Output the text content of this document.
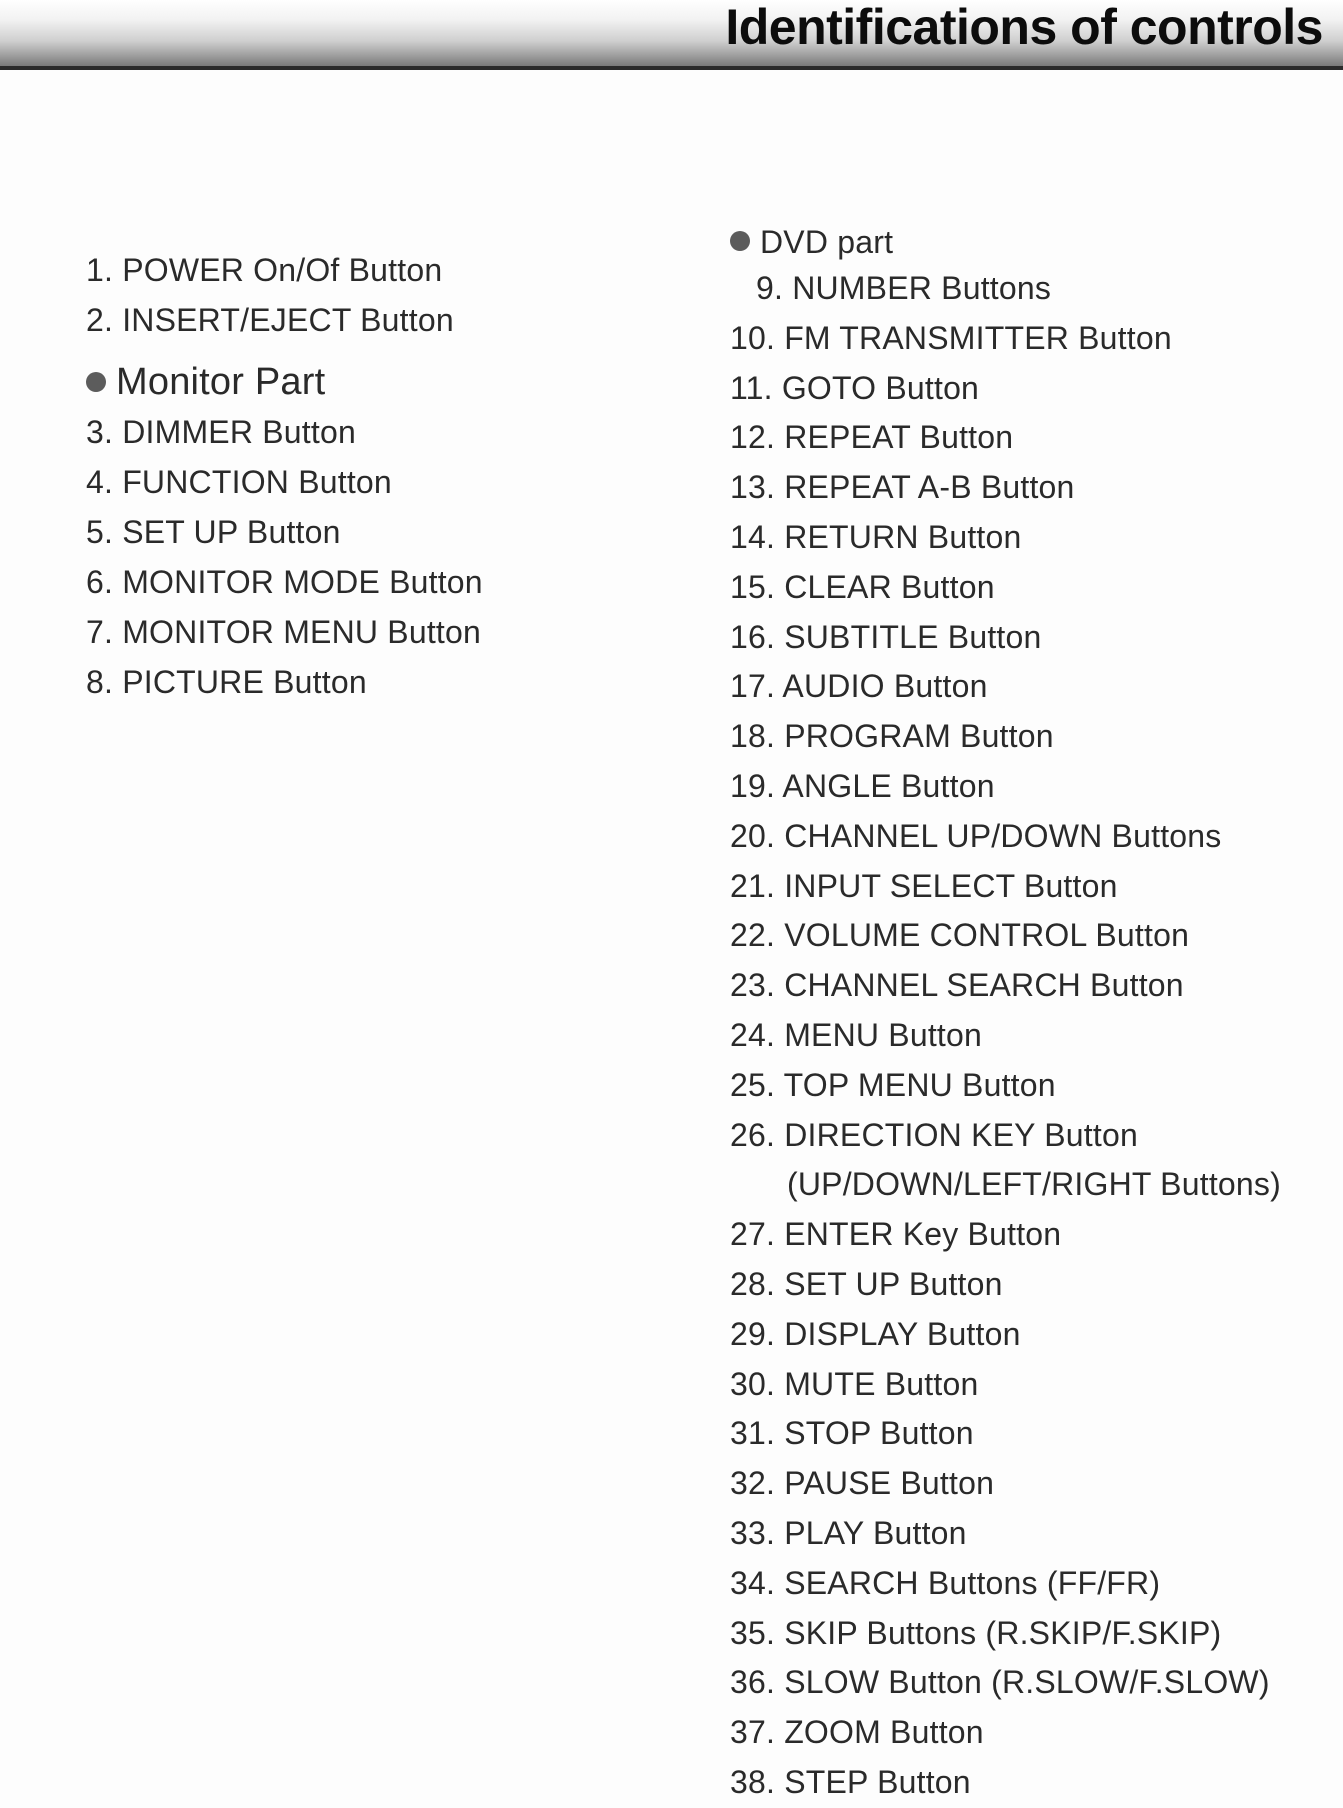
Identifications of controls
1. POWER On/Of Button
2. INSERT/EJECT Button
Monitor Part
3. DIMMER Button
4. FUNCTION Button
5. SET UP Button
6. MONITOR MODE Button
7. MONITOR MENU Button
8. PICTURE Button
DVD part
9. NUMBER Buttons
10. FM TRANSMITTER Button
11. GOTO Button
12. REPEAT Button
13. REPEAT A-B Button
14. RETURN Button
15. CLEAR Button
16. SUBTITLE Button
17. AUDIO Button
18. PROGRAM Button
19. ANGLE Button
20. CHANNEL UP/DOWN Buttons
21. INPUT SELECT Button
22. VOLUME CONTROL Button
23. CHANNEL SEARCH Button
24. MENU Button
25. TOP MENU Button
26. DIRECTION KEY Button
(UP/DOWN/LEFT/RIGHT Buttons)
27. ENTER Key Button
28. SET UP Button
29. DISPLAY Button
30. MUTE Button
31. STOP Button
32. PAUSE Button
33. PLAY Button
34. SEARCH Buttons (FF/FR)
35. SKIP Buttons (R.SKIP/F.SKIP)
36. SLOW Button (R.SLOW/F.SLOW)
37. ZOOM Button
38. STEP Button
